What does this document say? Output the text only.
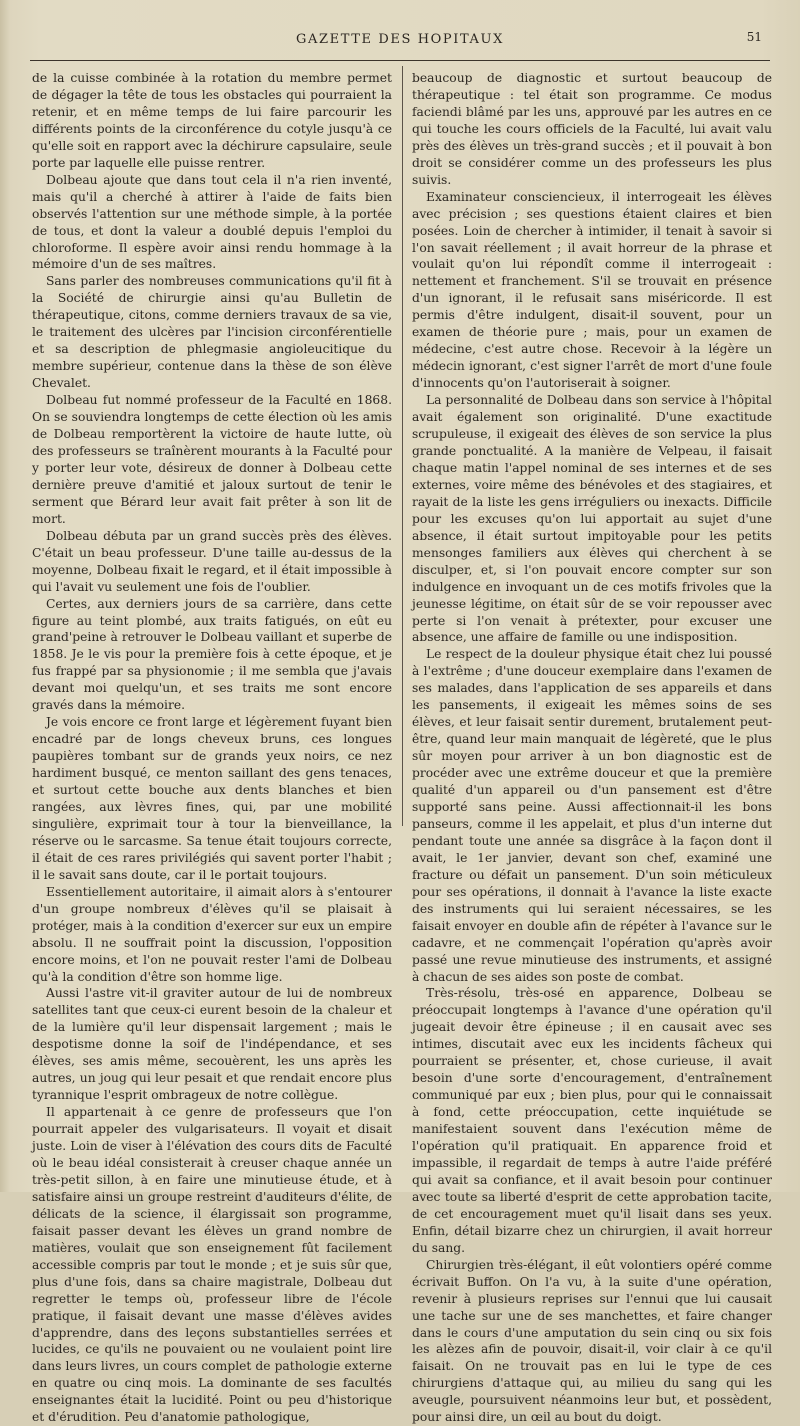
GAZETTE DES HOPITAUX	51

de la cuisse combinée à la rotation du membre permet de dégager la tête de tous les obstacles qui pourraient la retenir, et en même temps de lui faire parcourir les différents points de la circonférence du cotyle jusqu'à ce qu'elle soit en rapport avec la déchirure capsulaire, seule porte par laquelle elle puisse rentrer.

Dolbeau ajoute que dans tout cela il n'a rien inventé, mais qu'il a cherché à attirer à l'aide de faits bien observés l'attention sur une méthode simple, à la portée de tous, et dont la valeur a doublé depuis l'emploi du chloroforme. Il espère avoir ainsi rendu hommage à la mémoire d'un de ses maîtres.

Sans parler des nombreuses communications qu'il fit à la Société de chirurgie ainsi qu'au Bulletin de thérapeutique, citons, comme derniers travaux de sa vie, le traitement des ulcères par l'incision circonférentielle et sa description de phlegmasie angioleucitique du membre supérieur, contenue dans la thèse de son élève Chevalet.

Dolbeau fut nommé professeur de la Faculté en 1868. On se souviendra longtemps de cette élection où les amis de Dolbeau remportèrent la victoire de haute lutte, où des professeurs se traînèrent mourants à la Faculté pour y porter leur vote, désireux de donner à Dolbeau cette dernière preuve d'amitié et jaloux surtout de tenir le serment que Bérard leur avait fait prêter à son lit de mort.

Dolbeau débuta par un grand succès près des élèves. C'était un beau professeur. D'une taille au-dessus de la moyenne, Dolbeau fixait le regard, et il était impossible à qui l'avait vu seulement une fois de l'oublier.

Certes, aux derniers jours de sa carrière, dans cette figure au teint plombé, aux traits fatigués, on eût eu grand'peine à retrouver le Dolbeau vaillant et superbe de 1858. Je le vis pour la première fois à cette époque, et je fus frappé par sa physionomie ; il me sembla que j'avais devant moi quelqu'un, et ses traits me sont encore gravés dans la mémoire.

Je vois encore ce front large et légèrement fuyant bien encadré par de longs cheveux bruns, ces longues paupières tombant sur de grands yeux noirs, ce nez hardiment busqué, ce menton saillant des gens tenaces, et surtout cette bouche aux dents blanches et bien rangées, aux lèvres fines, qui, par une mobilité singulière, exprimait tour à tour la bienveillance, la réserve ou le sarcasme. Sa tenue était toujours correcte, il était de ces rares privilégiés qui savent porter l'habit ; il le savait sans doute, car il le portait toujours.

Essentiellement autoritaire, il aimait alors à s'entourer d'un groupe nombreux d'élèves qu'il se plaisait à protéger, mais à la condition d'exercer sur eux un empire absolu. Il ne souffrait point la discussion, l'opposition encore moins, et l'on ne pouvait rester l'ami de Dolbeau qu'à la condition d'être son homme lige.

Aussi l'astre vit-il graviter autour de lui de nombreux satellites tant que ceux-ci eurent besoin de la chaleur et de la lumière qu'il leur dispensait largement ; mais le despotisme donne la soif de l'indépendance, et ses élèves, ses amis même, secouèrent, les uns après les autres, un joug qui leur pesait et que rendait encore plus tyrannique l'esprit ombrageux de notre collègue.

Il appartenait à ce genre de professeurs que l'on pourrait appeler des vulgarisateurs. Il voyait et disait juste. Loin de viser à l'élévation des cours dits de Faculté où le beau idéal consisterait à creuser chaque année un très-petit sillon, à en faire une minutieuse étude, et à satisfaire ainsi un groupe restreint d'auditeurs d'élite, de délicats de la science, il élargissait son programme, faisait passer devant les élèves un grand nombre de matières, voulait que son enseignement fût facilement accessible compris par tout le monde ; et je suis sûr que, plus d'une fois, dans sa chaire magistrale, Dolbeau dut regretter le temps où, professeur libre de l'école pratique, il faisait devant une masse d'élèves avides d'apprendre, dans des leçons substantielles serrées et lucides, ce qu'ils ne pouvaient ou ne voulaient point lire dans leurs livres, un cours complet de pathologie externe en quatre ou cinq mois. La dominante de ses facultés enseignantes était la lucidité. Point ou peu d'historique et d'érudition. Peu d'anatomie pathologique,

beaucoup de diagnostic et surtout beaucoup de thérapeutique : tel était son programme. Ce modus faciendi blâmé par les uns, approuvé par les autres en ce qui touche les cours officiels de la Faculté, lui avait valu près des élèves un très-grand succès ; et il pouvait à bon droit se considérer comme un des professeurs les plus suivis.

Examinateur consciencieux, il interrogeait les élèves avec précision ; ses questions étaient claires et bien posées. Loin de chercher à intimider, il tenait à savoir si l'on savait réellement ; il avait horreur de la phrase et voulait qu'on lui répondît comme il interrogeait : nettement et franchement. S'il se trouvait en présence d'un ignorant, il le refusait sans miséricorde. Il est permis d'être indulgent, disait-il souvent, pour un examen de théorie pure ; mais, pour un examen de médecine, c'est autre chose. Recevoir à la légère un médecin ignorant, c'est signer l'arrêt de mort d'une foule d'innocents qu'on l'autoriserait à soigner.

La personnalité de Dolbeau dans son service à l'hôpital avait également son originalité. D'une exactitude scrupuleuse, il exigeait des élèves de son service la plus grande ponctualité. A la manière de Velpeau, il faisait chaque matin l'appel nominal de ses internes et de ses externes, voire même des bénévoles et des stagiaires, et rayait de la liste les gens irréguliers ou inexacts. Difficile pour les excuses qu'on lui apportait au sujet d'une absence, il était surtout impitoyable pour les petits mensonges familiers aux élèves qui cherchent à se disculper, et, si l'on pouvait encore compter sur son indulgence en invoquant un de ces motifs frivoles que la jeunesse légitime, on était sûr de se voir repousser avec perte si l'on venait à prétexter, pour excuser une absence, une affaire de famille ou une indisposition.

Le respect de la douleur physique était chez lui poussé à l'extrême ; d'une douceur exemplaire dans l'examen de ses malades, dans l'application de ses appareils et dans les pansements, il exigeait les mêmes soins de ses élèves, et leur faisait sentir durement, brutalement peut-être, quand leur main manquait de légèreté, que le plus sûr moyen pour arriver à un bon diagnostic est de procéder avec une extrême douceur et que la première qualité d'un appareil ou d'un pansement est d'être supporté sans peine. Aussi affectionnait-il les bons panseurs, comme il les appelait, et plus d'un interne dut pendant toute une année sa disgrâce à la façon dont il avait, le 1er janvier, devant son chef, examiné une fracture ou défait un pansement. D'un soin méticuleux pour ses opérations, il donnait à l'avance la liste exacte des instruments qui lui seraient nécessaires, se les faisait envoyer en double afin de répéter à l'avance sur le cadavre, et ne commençait l'opération qu'après avoir passé une revue minutieuse des instruments, et assigné à chacun de ses aides son poste de combat.

Très-résolu, très-osé en apparence, Dolbeau se préoccupait longtemps à l'avance d'une opération qu'il jugeait devoir être épineuse ; il en causait avec ses intimes, discutait avec eux les incidents fâcheux qui pourraient se présenter, et, chose curieuse, il avait besoin d'une sorte d'encouragement, d'entraînement communiqué par eux ; bien plus, pour qui le connaissait à fond, cette préoccupation, cette inquiétude se manifestaient souvent dans l'exécution même de l'opération qu'il pratiquait. En apparence froid et impassible, il regardait de temps à autre l'aide préféré qui avait sa confiance, et il avait besoin pour continuer avec toute sa liberté d'esprit de cette approbation tacite, de cet encouragement muet qu'il lisait dans ses yeux. Enfin, détail bizarre chez un chirurgien, il avait horreur du sang.

Chirurgien très-élégant, il eût volontiers opéré comme écrivait Buffon. On l'a vu, à la suite d'une opération, revenir à plusieurs reprises sur l'ennui que lui causait une tache sur une de ses manchettes, et faire changer dans le cours d'une amputation du sein cinq ou six fois les alèzes afin de pouvoir, disait-il, voir clair à ce qu'il faisait. On ne trouvait pas en lui le type de ces chirurgiens d'attaque qui, au milieu du sang qui les aveugle, poursuivent néanmoins leur but, et possèdent, pour ainsi dire, un œil au bout du doigt.
